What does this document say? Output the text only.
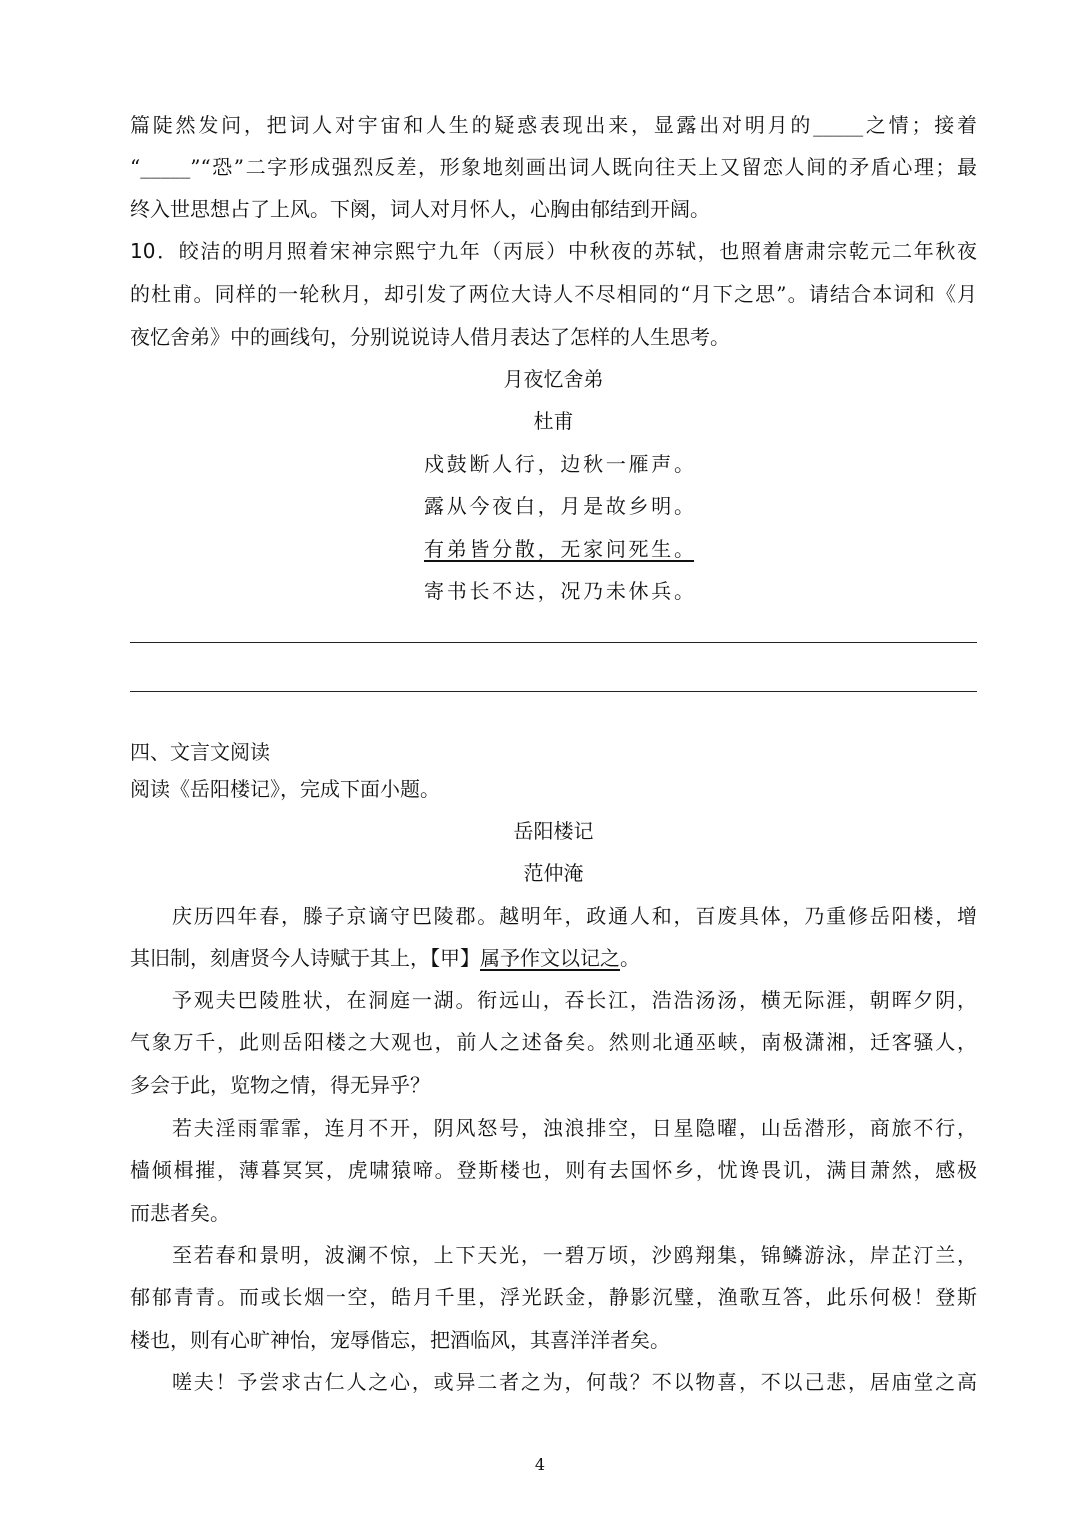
篇陡然发问，把词人对宇宙和人生的疑惑表现出来，显露出对明月的_____之情；接着
“_____”“恐”二字形成强烈反差，形象地刻画出词人既向往天上又留恋人间的矛盾心理；最
终入世思想占了上风。下阕，词人对月怀人，心胸由郁结到开阔。
10．皎洁的明月照着宋神宗熙宁九年（丙辰）中秋夜的苏轼，也照着唐肃宗乾元二年秋夜
的杜甫。同样的一轮秋月，却引发了两位大诗人不尽相同的“月下之思”。请结合本词和《月
夜忆舍弟》中的画线句，分别说说诗人借月表达了怎样的人生思考。
月夜忆舍弟
杜甫
戍鼓断人行，边秋一雁声。
露从今夜白，月是故乡明。
有弟皆分散，无家问死生。
寄书长不达，况乃未休兵。
四、文言文阅读
阅读《岳阳楼记》，完成下面小题。
岳阳楼记
范仲淹
庆历四年春，滕子京谪守巴陵郡。越明年，政通人和，百废具体，乃重修岳阳楼，增
其旧制，刻唐贤今人诗赋于其上，【甲】属予作文以记之。
予观夫巴陵胜状，在洞庭一湖。衔远山，吞长江，浩浩汤汤，横无际涯，朝晖夕阴，
气象万千，此则岳阳楼之大观也，前人之述备矣。然则北通巫峡，南极潇湘，迁客骚人，
多会于此，览物之情，得无异乎？
若夫淫雨霏霏，连月不开，阴风怒号，浊浪排空，日星隐曜，山岳潜形，商旅不行，
樯倾楫摧，薄暮冥冥，虎啸猿啼。登斯楼也，则有去国怀乡，忧谗畏讥，满目萧然，感极
而悲者矣。
至若春和景明，波澜不惊，上下天光，一碧万顷，沙鸥翔集，锦鳞游泳，岸芷汀兰，
郁郁青青。而或长烟一空，皓月千里，浮光跃金，静影沉璧，渔歌互答，此乐何极！登斯
楼也，则有心旷神怡，宠辱偕忘，把酒临风，其喜洋洋者矣。
嗟夫！予尝求古仁人之心，或异二者之为，何哉？不以物喜，不以己悲，居庙堂之高
4
